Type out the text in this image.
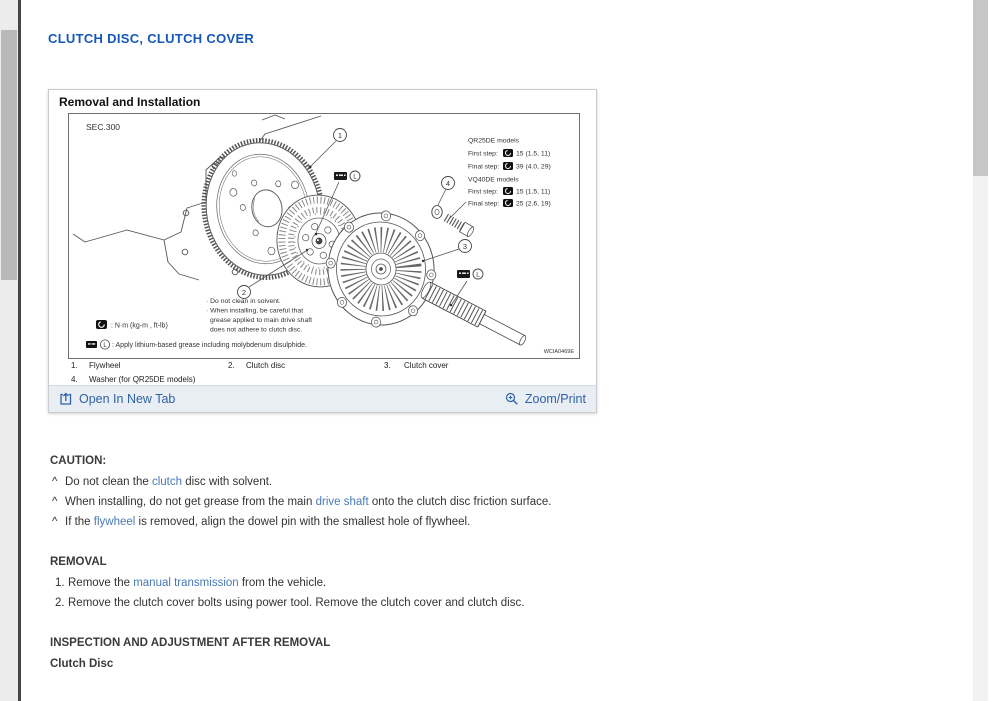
CLUTCH DISC, CLUTCH COVER
Removal and Installation
1
2
3
4
L
L
QR25DE models
First step:	15 (1.5, 11)
Final step: 39 (4.0, 29)
VQ40DE models
First step:	15 (1.5, 11)
Final step: 25 (2.6, 19)
· Do not clean in solvent.
· When installing, be careful that
grease applied to main drive shaft
does not adhere to clutch disc.
: N·m (kg-m , ft-lb)
L : Apply lithium-based grease including molybdenum disulphide.
SEC.300
WCIA0469E
1. Flywheel	2. Clutch disc	3. Clutch cover
4. Washer (for QR25DE models)
Open In New Tab	Zoom/Print
CAUTION:
^ Do not clean the clutch disc with solvent.
^ When installing, do not get grease from the main drive shaft onto the clutch disc friction surface.
^ If the flywheel is removed, align the dowel pin with the smallest hole of flywheel.
REMOVAL
1. Remove the manual transmission from the vehicle.
2. Remove the clutch cover bolts using power tool. Remove the clutch cover and clutch disc.
INSPECTION AND ADJUSTMENT AFTER REMOVAL
Clutch Disc
